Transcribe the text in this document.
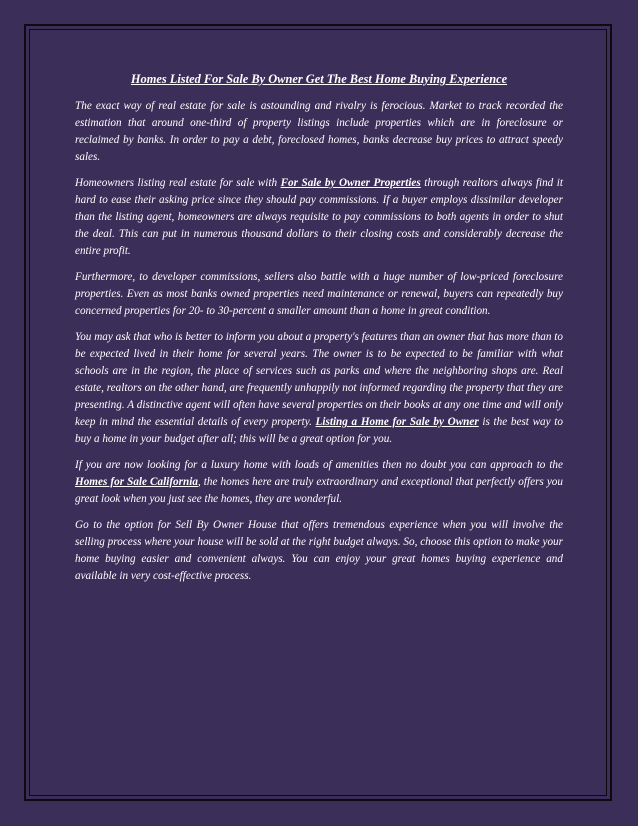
Homes Listed For Sale By Owner Get The Best Home Buying Experience

The exact way of real estate for sale is astounding and rivalry is ferocious. Market to track recorded the estimation that around one-third of property listings include properties which are in foreclosure or reclaimed by banks. In order to pay a debt, foreclosed homes, banks decrease buy prices to attract speedy sales.

Homeowners listing real estate for sale with For Sale by Owner Properties through realtors always find it hard to ease their asking price since they should pay commissions. If a buyer employs dissimilar developer than the listing agent, homeowners are always requisite to pay commissions to both agents in order to shut the deal. This can put in numerous thousand dollars to their closing costs and considerably decrease the entire profit.

Furthermore, to developer commissions, sellers also battle with a huge number of low-priced foreclosure properties. Even as most banks owned properties need maintenance or renewal, buyers can repeatedly buy concerned properties for 20- to 30-percent a smaller amount than a home in great condition.

You may ask that who is better to inform you about a property's features than an owner that has more than to be expected lived in their home for several years. The owner is to be expected to be familiar with what schools are in the region, the place of services such as parks and where the neighboring shops are. Real estate, realtors on the other hand, are frequently unhappily not informed regarding the property that they are presenting. A distinctive agent will often have several properties on their books at any one time and will only keep in mind the essential details of every property. Listing a Home for Sale by Owner is the best way to buy a home in your budget after all; this will be a great option for you.

If you are now looking for a luxury home with loads of amenities then no doubt you can approach to the Homes for Sale California, the homes here are truly extraordinary and exceptional that perfectly offers you great look when you just see the homes, they are wonderful.

Go to the option for Sell By Owner House that offers tremendous experience when you will involve the selling process where your house will be sold at the right budget always. So, choose this option to make your home buying easier and convenient always. You can enjoy your great homes buying experience and available in very cost-effective process.
